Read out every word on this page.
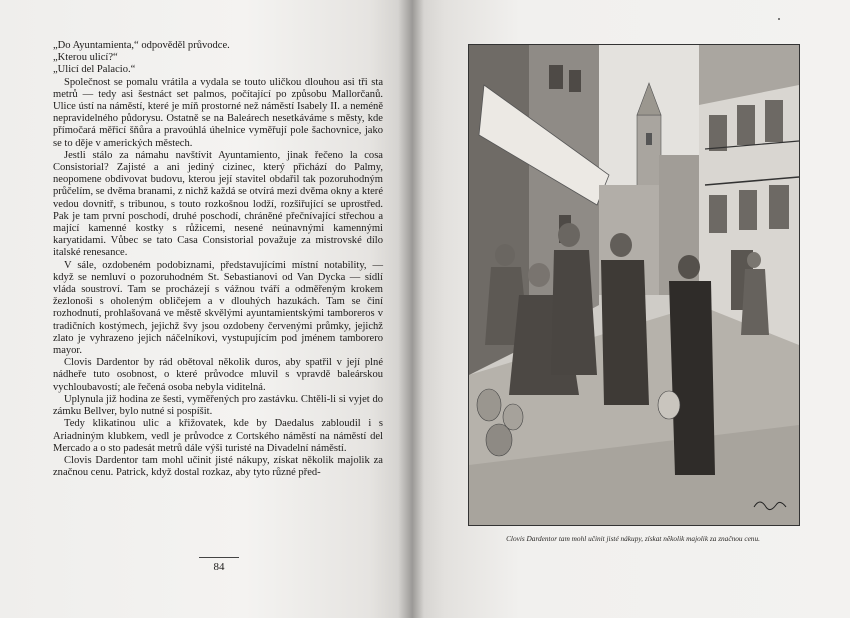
„Do Ayuntamienta,“ odpověděl průvodce.

„Kterou ulicí?“

„Ulicí del Palacio.“

Společnost se pomalu vrátila a vydala se touto uličkou dlouhou asi tři sta metrů — tedy asi šestnáct set palmos, počítající po způsobu Mallorčanů. Ulice ústí na náměstí, které je míň prostorné než náměstí Isabely II. a neméně nepravidelného půdorysu. Ostatně se na Baleárech nesetkáváme s městy, kde přímočará měřicí šňůra a pravoúhlá úhelnice vyměřují pole šachovnice, jako se to děje v amerických městech.

Jestli stálo za námahu navštívit Ayuntamiento, jinak řečeno la cosa Consistorial? Zajisté a ani jediný cizinec, který přichází do Palmy, neopomene obdivovat budovu, kterou její stavitel obdařil tak pozoruhodným průčelím, se dvěma branami, z nichž každá se otvírá mezi dvěma okny a které vedou dovnitř, s tribunou, s touto rozkošnou lodží, rozšiřující se uprostřed. Pak je tam první poschodí, druhé poschodí, chráněné přečnívající střechou a mající kamenné kostky s růžicemi, nesené neúnavnými kamennými karyatidami. Vůbec se tato Casa Consistorial považuje za mistrovské dílo italské renesance.

V sále, ozdobeném podobiznami, představujícími místní notability, — když se nemluví o pozoruhodném St. Sebastianovi od Van Dycka — sídlí vláda soustroví. Tam se procházejí s vážnou tváří a odměřeným krokem žezlonoši s oholeným obličejem a v dlouhých hazukách. Tam se činí rozhodnutí, prohlašovaná ve městě skvělými ayuntamientskými tamboreros v tradičních kostýmech, jejichž švy jsou ozdobeny červenými průmky, jejichž zlato je vyhrazeno jejich náčelníkovi, vystupujícím pod jménem tamborero mayor.

Clovis Dardentor by rád obětoval několik duros, aby spatřil v její plné nádheře tuto osobnost, o které průvodce mluvil s vpravdě baleárskou vychloubavostí; ale řečená osoba nebyla viditelná.

Uplynula již hodina ze šesti, vyměřených pro zastávku. Chtěli-li si vyjet do zámku Bellver, bylo nutné si pospíšit.

Tedy klikatinou ulic a křižovatek, kde by Daedalus zabloudil i s Ariadniným klubkem, vedl je průvodce z Cortského náměstí na náměstí del Mercado a o sto padesát metrů dále výši turisté na Divadelní náměstí.

Clovis Dardentor tam mohl učinit jisté nákupy, získat několik majolik za značnou cenu. Patrick, když dostal rozkaz, aby tyto různé před-

84
Clovis Dardentor tam mohl učinit jisté nákupy, získat několik majolik za značnou cenu.
